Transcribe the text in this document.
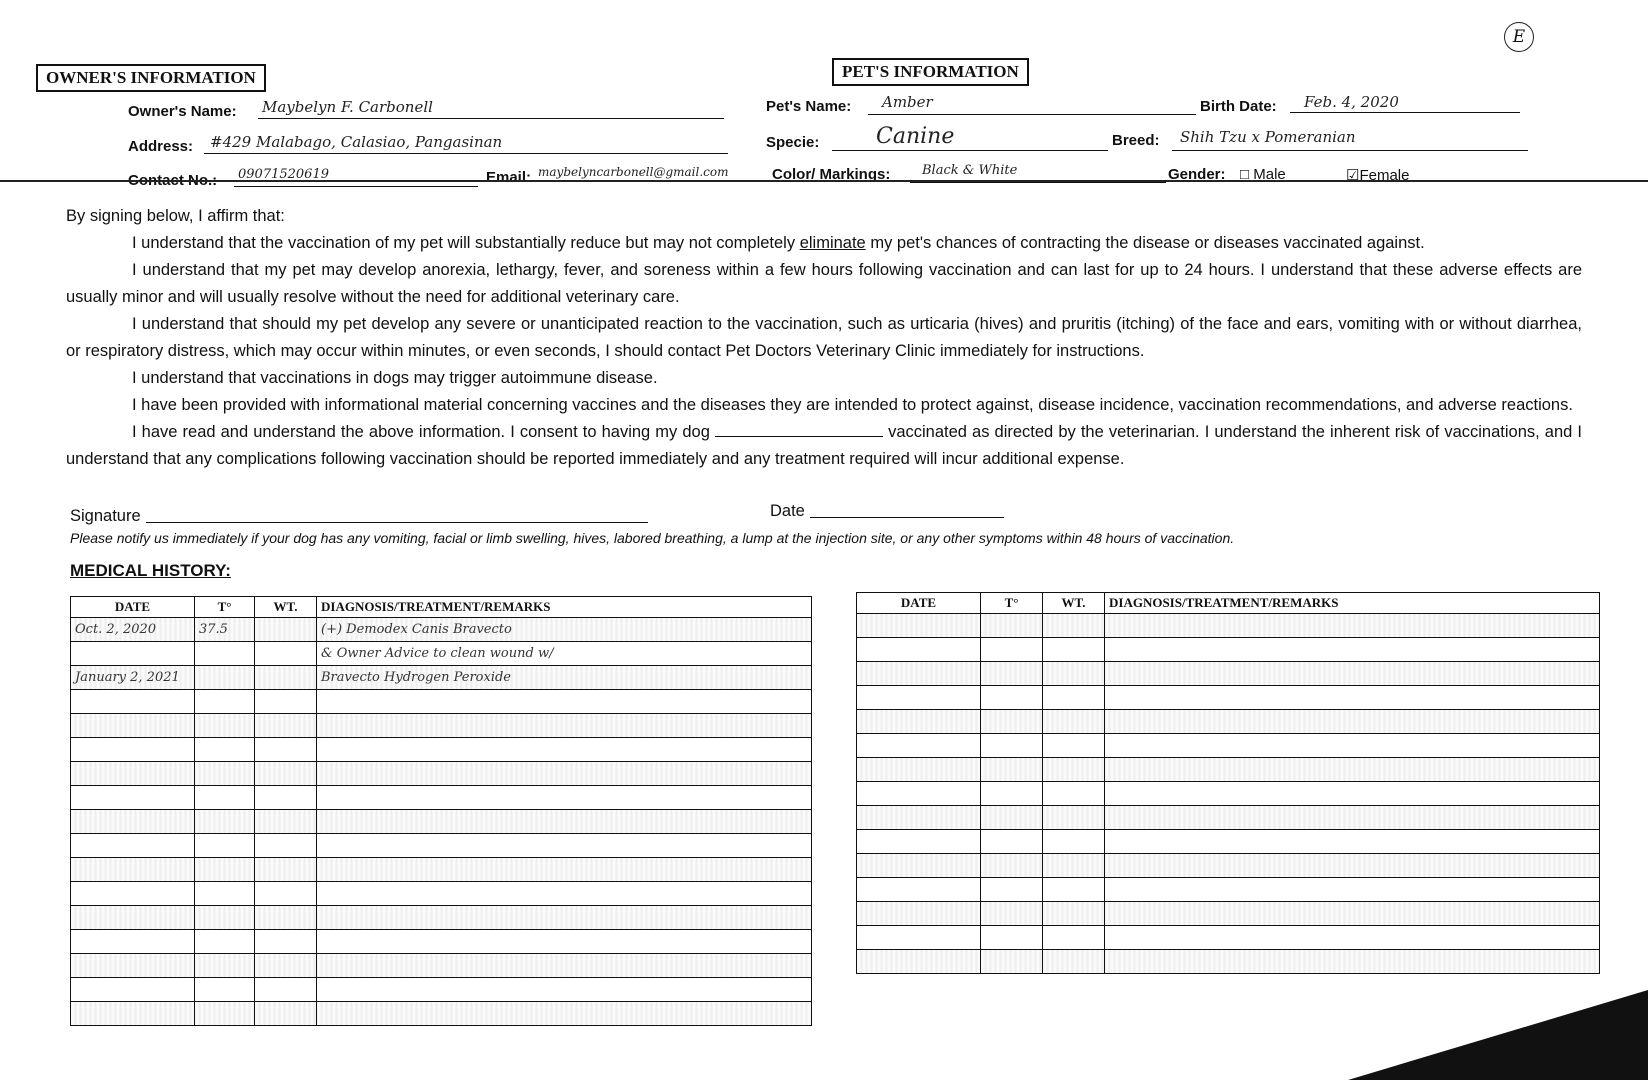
E
OWNER'S INFORMATION	PET'S INFORMATION
Owner's Name: Maybelyn F. Carbonell
Address: #429 Malabago, Calasiao, Pangasinan
Contact No.: 09071520619	Email: maybelyncarbonell@gmail.com
Pet's Name: Amber	Birth Date: Feb. 4, 2020
Specie:	Canine	Breed: Shih Tzu x Pomeranian
Color/ Markings: Black & White	Gender: □ Male	☑Female

By signing below, I affirm that:

I understand that the vaccination of my pet will substantially reduce but may not completely eliminate my pet's chances of contracting the disease or diseases vaccinated against.

I understand that my pet may develop anorexia, lethargy, fever, and soreness within a few hours following vaccination and can last for up to 24 hours. I understand that these adverse effects are usually minor and will usually resolve without the need for additional veterinary care.

I understand that should my pet develop any severe or unanticipated reaction to the vaccination, such as urticaria (hives) and pruritis (itching) of the face and ears, vomiting with or without diarrhea, or respiratory distress, which may occur within minutes, or even seconds, I should contact Pet Doctors Veterinary Clinic immediately for instructions.

I understand that vaccinations in dogs may trigger autoimmune disease.

I have been provided with informational material concerning vaccines and the diseases they are intended to protect against, disease incidence, vaccination recommendations, and adverse reactions.

I have read and understand the above information. I consent to having my dog	vaccinated as directed by the veterinarian. I understand the inherent risk of vaccinations, and I understand that any complications following vaccination should be reported immediately and any treatment required will incur additional expense.

Signature	Date
Please notify us immediately if your dog has any vomiting, facial or limb swelling, hives, labored breathing, a lump at the injection site, or any other symptoms within 48 hours of vaccination.
MEDICAL HISTORY:
DATE	T°	WT.	DIAGNOSIS/TREATMENT/REMARKS
Oct. 2, 2020	37.5		(+) Demodex Canis Bravecto
			& Owner Advice to clean wound w/
January 2, 2021			Bravecto Hydrogen Peroxide

DATE	T°	WT.	DIAGNOSIS/TREATMENT/REMARKS
